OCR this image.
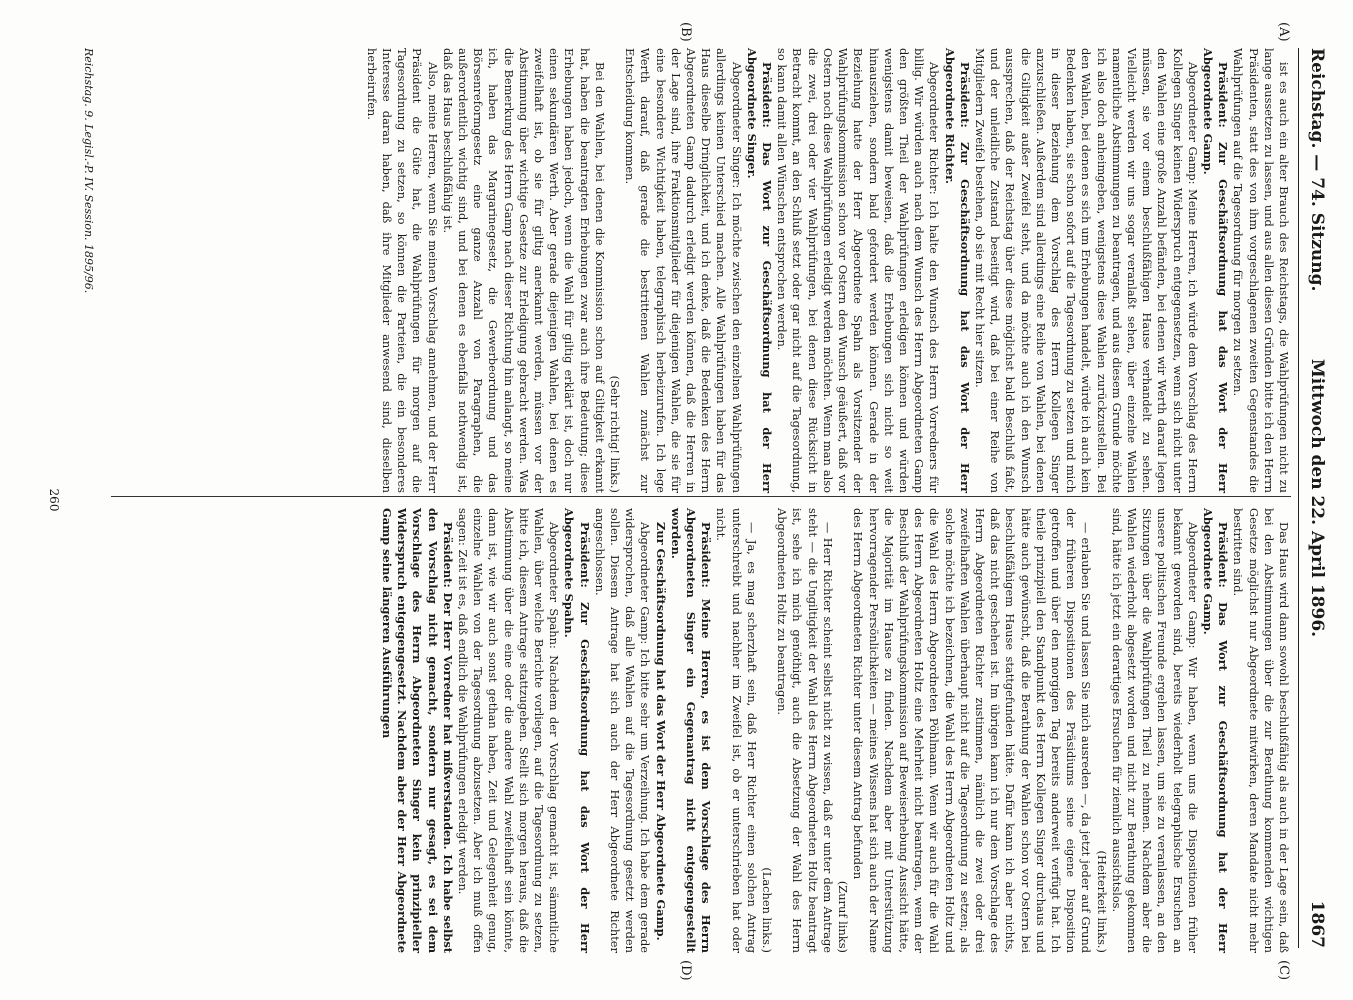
Reichstag. — 74. Sitzung.
Mittwoch den 22. April 1896.
1867
(A)
(B)
(C)
(D)

ist es auch ein alter Brauch des Reichstags, die Wahlprüfungen nicht zu lange aussetzen zu lassen, und aus allen diesen Gründen bitte ich den Herrn Präsidenten, statt des von ihm vorgeschlagenen zweiten Gegenstandes die Wahlprüfungen auf die Tagesordnung für morgen zu setzen.

Präsident: Zur Geschäftsordnung hat das Wort der Herr Abgeordnete Gamp.

Abgeordneter Gamp: Meine Herren, ich würde dem Vorschlag des Herrn Kollegen Singer keinen Widerspruch entgegensetzen, wenn sich nicht unter den Wahlen eine große Anzahl befänden, bei denen wir Werth darauf legen müssen, sie vor einem beschlußfähigen Hause verhandelt zu sehen. Vielleicht werden wir uns sogar veranlaßt sehen, über einzelne Wahlen namentliche Abstimmungen zu beantragen, und aus diesem Grunde möchte ich also doch anheimgeben, wenigstens diese Wahlen zurückzustellen. Bei den Wahlen, bei denen es sich um Erhebungen handelt, würde ich auch kein Bedenken haben, sie schon sofort auf die Tagesordnung zu setzen und mich in dieser Beziehung dem Vorschlag des Herrn Kollegen Singer anzuschließen. Außerdem sind allerdings eine Reihe von Wahlen, bei denen die Giltigkeit außer Zweifel steht, und da möchte auch ich den Wunsch aussprechen, daß der Reichstag über diese möglichst bald Beschluß faßt, und der unleidliche Zustand beseitigt wird, daß bei einer Reihe von Mitgliedern Zweifel bestehen, ob sie mit Recht hier sitzen.

Präsident: Zur Geschäftsordnung hat das Wort der Herr Abgeordnete Richter.

Abgeordneter Richter: Ich halte den Wunsch des Herrn Vorredners für billig. Wir würden auch nach dem Wunsch des Herrn Abgeordneten Gamp den größten Theil der Wahlprüfungen erledigen können und würden wenigstens damit beweisen, daß die Erhebungen sich nicht so weit hinausziehen, sondern bald gefordert werden können. Gerade in der Beziehung hatte der Herr Abgeordnete Spahn als Vorsitzender der Wahlprüfungskommission schon vor Ostern den Wunsch geäußert, daß vor Ostern noch diese Wahlprüfungen erledigt werden möchten. Wenn man also die zwei, drei oder vier Wahlprüfungen, bei denen diese Rücksicht in Betracht kommt, an den Schluß setzt oder gar nicht auf die Tagesordnung, so kann damit allen Wünschen entsprochen werden.

Präsident: Das Wort zur Geschäftsordnung hat der Herr Abgeordnete Singer.

Abgeordneter Singer: Ich möchte zwischen den einzelnen Wahlprüfungen allerdings keinen Unterschied machen. Alle Wahlprüfungen haben für das Haus dieselbe Dringlichkeit, und ich denke, daß die Bedenken des Herrn Abgeordneten Gamp dadurch erledigt werden können, daß die Herren in der Lage sind, ihre Fraktionsmitglieder für diejenigen Wahlen, die sie für eine besondere Wichtigkeit haben, telegraphisch herbeizurufen. Ich lege Werth darauf, daß gerade die bestrittenen Wahlen zunächst zur Entscheidung kommen.

(Sehr richtig! links.)

Bei den Wahlen, bei denen die Kommission schon auf Giltigkeit erkannt hat, haben die beantragten Erhebungen zwar auch ihre Bedeutung; diese Erhebungen haben jedoch, wenn die Wahl für giltig erklärt ist, doch nur einen sekundären Werth. Aber gerade diejenigen Wahlen, bei denen es zweifelhaft ist, ob sie für giltig anerkannt werden, müssen vor der Abstimmung über wichtige Gesetze zur Erledigung gebracht werden. Was die Bemerkung des Herrn Gamp nach dieser Richtung hin anlangt, so meine ich, haben das Margarinegesetz, die Gewerbeordnung und das Börsenreformgesetz eine ganze Anzahl von Paragraphen, die außerordentlich wichtig sind, und bei denen es ebenfalls nothwendig ist, daß das Haus beschlußfähig ist.

Also, meine Herren, wenn Sie meinen Vorschlag annehmen, und der Herr Präsident die Güte hat, die Wahlprüfungen für morgen auf die Tagesordnung zu setzen, so können die Parteien, die ein besonderes Interesse daran haben, daß ihre Mitglieder anwesend sind, dieselben herbeirufen.

Das Haus wird dann sowohl beschlußfähig als auch in der Lage sein, daß bei den Abstimmungen über die zur Berathung kommenden wichtigen Gesetze möglichst nur Abgeordnete mitwirken, deren Mandate nicht mehr bestritten sind.

Präsident: Das Wort zur Geschäftsordnung hat der Herr Abgeordnete Gamp.

Abgeordneter Gamp: Wir haben, wenn uns die Dispositionen früher bekannt geworden sind, bereits wiederholt telegraphische Ersuchen an unsere politischen Freunde ergehen lassen, um sie zu veranlassen, an den Sitzungen über die Wahlprüfungen Theil zu nehmen. Nachdem aber die Wahlen wiederholt abgesetzt worden und nicht zur Berathung gekommen sind, hätte ich jetzt ein derartiges Ersuchen für ziemlich aussichtslos.

(Heiterkeit links.)

— erlauben Sie und lassen Sie mich ausreden —, da jetzt jeder auf Grund der früheren Dispositionen des Präsidiums seine eigene Disposition getroffen und über den morgigen Tag bereits anderweit verfügt hat. Ich theile prinzipiell den Standpunkt des Herrn Kollegen Singer durchaus und hätte auch gewünscht, daß die Berathung der Wahlen schon vor Ostern bei beschlußfähigem Hause stattgefunden hätte. Dafür kann ich aber nichts, daß das nicht geschehen ist. Im übrigen kann ich nur dem Vorschlage des Herrn Abgeordneten Richter zustimmen, nämlich die zwei oder drei zweifelhaften Wahlen überhaupt nicht auf die Tagesordnung zu setzen; als solche möchte ich bezeichnen, die Wahl des Herrn Abgeordneten Holtz und die Wahl des Herrn Abgeordneten Pöhlmann. Wenn wir auch für die Wahl des Herrn Abgeordneten Holtz eine Mehrheit nicht beantragen, wenn der Beschluß der Wahlprüfungskommission auf Beweiserhebung Aussicht hätte, die Majorität im Hause zu finden. Nachdem aber mit Unterstützung hervorragender Persönlichkeiten — meines Wissens hat sich auch der Name des Herrn Abgeordneten Richter unter diesem Antrag befunden

(Zuruf links)

— Herr Richter scheint selbst nicht zu wissen, daß er unter dem Antrage steht — die Ungiltigkeit der Wahl des Herrn Abgeordneten Holtz beantragt ist, sehe ich mich genöthigt, auch die Absetzung der Wahl des Herrn Abgeordneten Holtz zu beantragen.

(Lachen links.)

— Ja, es mag scherzhaft sein, daß Herr Richter einen solchen Antrag unterschreibt und nachher im Zweifel ist, ob er unterschrieben hat oder nicht.

Präsident: Meine Herren, es ist dem Vorschlage des Herrn Abgeordneten Singer ein Gegenantrag nicht entgegengestellt worden.

Zur Geschäftsordnung hat das Wort der Herr Abgeordnete Gamp.

Abgeordneter Gamp: Ich bitte sehr um Verzeihung. Ich habe dem gerade widersprochen, daß alle Wahlen auf die Tagesordnung gesetzt werden sollen. Diesem Antrage hat sich auch der Herr Abgeordnete Richter angeschlossen.

Präsident: Zur Geschäftsordnung hat das Wort der Herr Abgeordnete Spahn.

Abgeordneter Spahn: Nachdem der Vorschlag gemacht ist, sämmtliche Wahlen, über welche Berichte vorliegen, auf die Tagesordnung zu setzen, bitte ich, diesem Antrage stattzugeben. Stellt sich morgen heraus, daß die Abstimmung über die eine oder die andere Wahl zweifelhaft sein könnte, dann ist, wie wir auch sonst gethan haben, Zeit und Gelegenheit genug, einzelne Wahlen von der Tagesordnung abzusetzen. Aber ich muß offen sagen: Zeit ist es, daß endlich die Wahlprüfungen erledigt werden.

Präsident: Der Herr Vorredner hat mißverstanden. Ich habe selbst den Vorschlag nicht gemacht, sondern nur gesagt, es sei dem Vorschlage des Herrn Abgeordneten Singer kein prinzipieller Widerspruch entgegengesetzt. Nachdem aber der Herr Abgeordnete Gamp seine längeren Ausführungen

Reichstag. 9. Legisl.-P. IV. Session. 1895/96.
260
